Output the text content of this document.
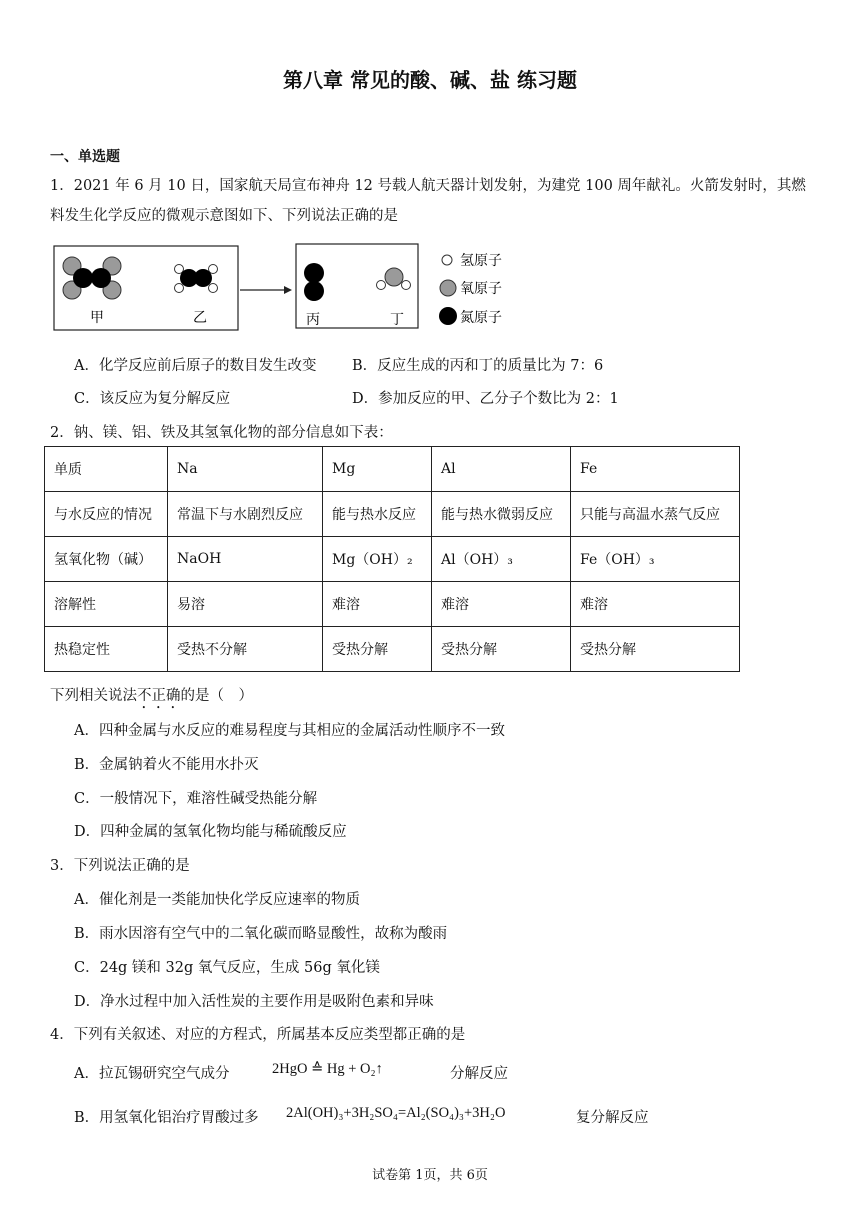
第八章 常见的酸、碱、盐 练习题
一、单选题
1．2021 年 6 月 10 日，国家航天局宣布神舟 12 号载人航天器计划发射，为建党 100 周年献礼。火箭发射时，其燃
料发生化学反应的微观示意图如下、下列说法正确的是
甲	乙	丙	丁
氢原子
氧原子
氮原子
A．化学反应前后原子的数目发生改变 B．反应生成的丙和丁的质量比为 7：6
C．该反应为复分解反应	D．参加反应的甲、乙分子个数比为 2：1
2．钠、镁、铝、铁及其氢氧化物的部分信息如下表：
单质	Na	Mg	Al	Fe
与水反应的情况	常温下与水剧烈反应	能与热水反应	能与热水微弱反应	只能与高温水蒸气反应
氢氧化物（碱）	NaOH	Mg（OH）₂	Al（OH）₃	Fe（OH）₃
溶解性	易溶	难溶	难溶	难溶
热稳定性	受热不分解	受热分解	受热分解	受热分解
下列相关说法不正确的是（　）
A．四种金属与水反应的难易程度与其相应的金属活动性顺序不一致
B．金属钠着火不能用水扑灭
C．一般情况下，难溶性碱受热能分解
D．四种金属的氢氧化物均能与稀硫酸反应
3．下列说法正确的是
A．催化剂是一类能加快化学反应速率的物质
B．雨水因溶有空气中的二氧化碳而略显酸性，故称为酸雨
C．24g 镁和 32g 氧气反应，生成 56g 氧化镁
D．净水过程中加入活性炭的主要作用是吸附色素和异味
4．下列有关叙述、对应的方程式，所属基本反应类型都正确的是
A．拉瓦锡研究空气成分	2HgO ≙ Hg + O₂↑	分解反应
B．用氢氧化铝治疗胃酸过多 2Al(OH)₃+3H₂SO₄=Al₂(SO₄)₃+3H₂O	复分解反应
试卷第 1页，共 6页
